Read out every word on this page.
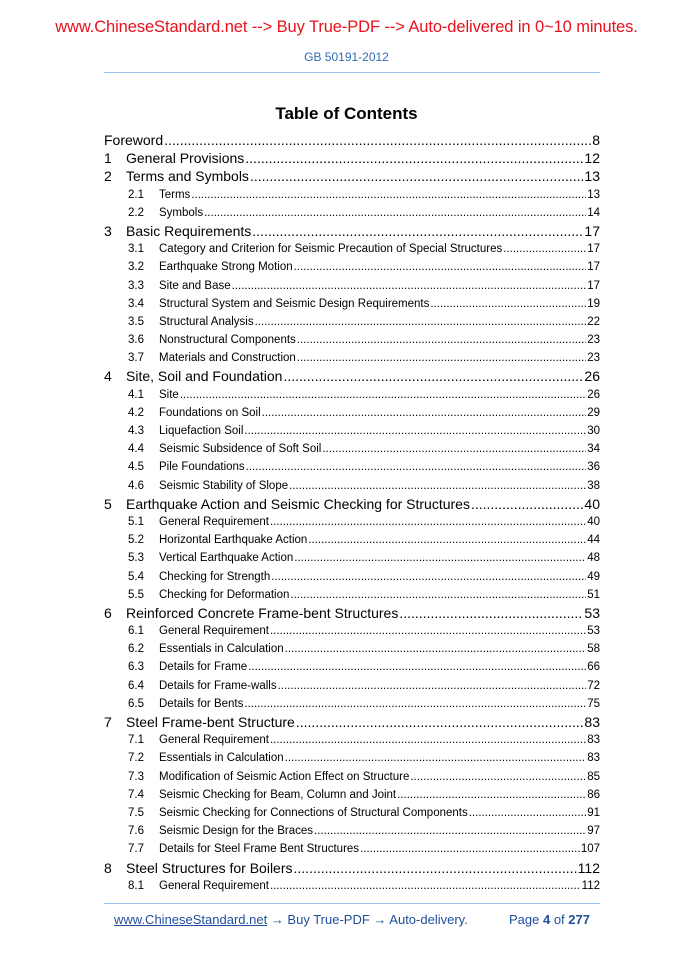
www.ChineseStandard.net --> Buy True-PDF --> Auto-delivered in 0~10 minutes.
GB 50191-2012
Table of Contents
Foreword .....	8
1	General Provisions .....	12
2	Terms and Symbols .....	13
2.1	Terms .....	13
2.2	Symbols .....	14
3	Basic Requirements .....	17
3.1	Category and Criterion for Seismic Precaution of Special Structures .....	17
3.2	Earthquake Strong Motion .....	17
3.3	Site and Base .....	17
3.4	Structural System and Seismic Design Requirements .....	19
3.5	Structural Analysis .....	22
3.6	Nonstructural Components .....	23
3.7	Materials and Construction .....	23
4	Site, Soil and Foundation .....	26
4.1	Site .....	26
4.2	Foundations on Soil .....	29
4.3	Liquefaction Soil .....	30
4.4	Seismic Subsidence of Soft Soil .....	34
4.5	Pile Foundations .....	36
4.6	Seismic Stability of Slope .....	38
5	Earthquake Action and Seismic Checking for Structures .....	40
5.1	General Requirement .....	40
5.2	Horizontal Earthquake Action .....	44
5.3	Vertical Earthquake Action .....	48
5.4	Checking for Strength .....	49
5.5	Checking for Deformation .....	51
6	Reinforced Concrete Frame-bent Structures .....	53
6.1	General Requirement .....	53
6.2	Essentials in Calculation .....	58
6.3	Details for Frame .....	66
6.4	Details for Frame-walls .....	72
6.5	Details for Bents .....	75
7	Steel Frame-bent Structure .....	83
7.1	General Requirement .....	83
7.2	Essentials in Calculation .....	83
7.3	Modification of Seismic Action Effect on Structure .....	85
7.4	Seismic Checking for Beam, Column and Joint .....	86
7.5	Seismic Checking for Connections of Structural Components .....	91
7.6	Seismic Design for the Braces .....	97
7.7	Details for Steel Frame Bent Structures .....	107
8	Steel Structures for Boilers .....	112
8.1	General Requirement .....	112
www.ChineseStandard.net → Buy True-PDF → Auto-delivery.	Page 4 of 277
